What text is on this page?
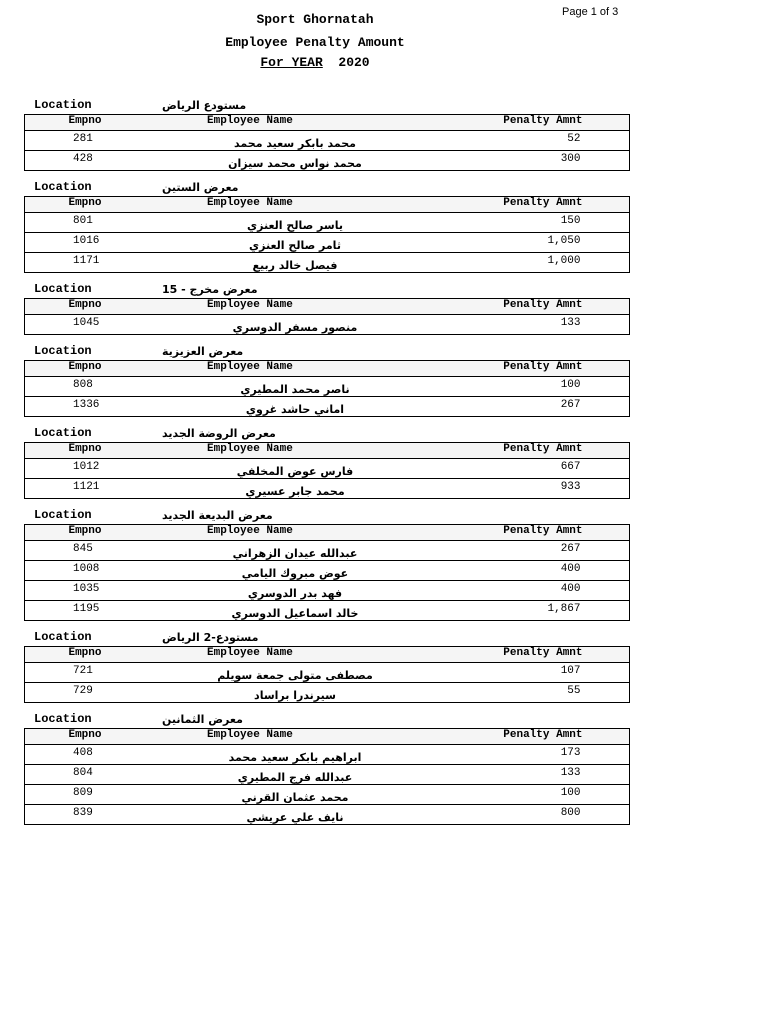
Page 1 of 3
Sport Ghornatah
Employee Penalty Amount
For YEAR 2020
Location	مستودع الرياض
Empno	Employee Name	Penalty Amnt
281	محمد بابكر سعيد محمد	52
428	محمد نواس محمد سيزان	300
Location	معرض الستين
Empno	Employee Name	Penalty Amnt
801	ياسر صالح العنزي	150
1016	ثامر صالح العنزي	1,050
1171	فيصل خالد ربيع	1,000
Location	معرض مخرج - 15
Empno	Employee Name	Penalty Amnt
1045	منصور مسفر الدوسري	133
Location	معرض العزيزية
Empno	Employee Name	Penalty Amnt
808	ناصر محمد المطيري	100
1336	اماني حاشد غروي	267
Location	معرض الروضة الجديد
Empno	Employee Name	Penalty Amnt
1012	فارس عوض المخلفي	667
1121	محمد جابر عسيري	933
Location	معرض البديعة الجديد
Empno	Employee Name	Penalty Amnt
845	عبدالله عيدان الزهراني	267
1008	عوض مبروك اليامي	400
1035	فهد بدر الدوسري	400
1195	خالد اسماعيل الدوسري	1,867
Location	مستودع-2 الرياض
Empno	Employee Name	Penalty Amnt
721	مصطفى متولى جمعة سويلم	107
729	سيرندرا براساد	55
Location	معرض الثمانين
Empno	Employee Name	Penalty Amnt
408	ابراهيم بابكر سعيد محمد	173
804	عبدالله فرج المطيري	133
809	محمد عثمان القرني	100
839	نايف علي عريشي	800
